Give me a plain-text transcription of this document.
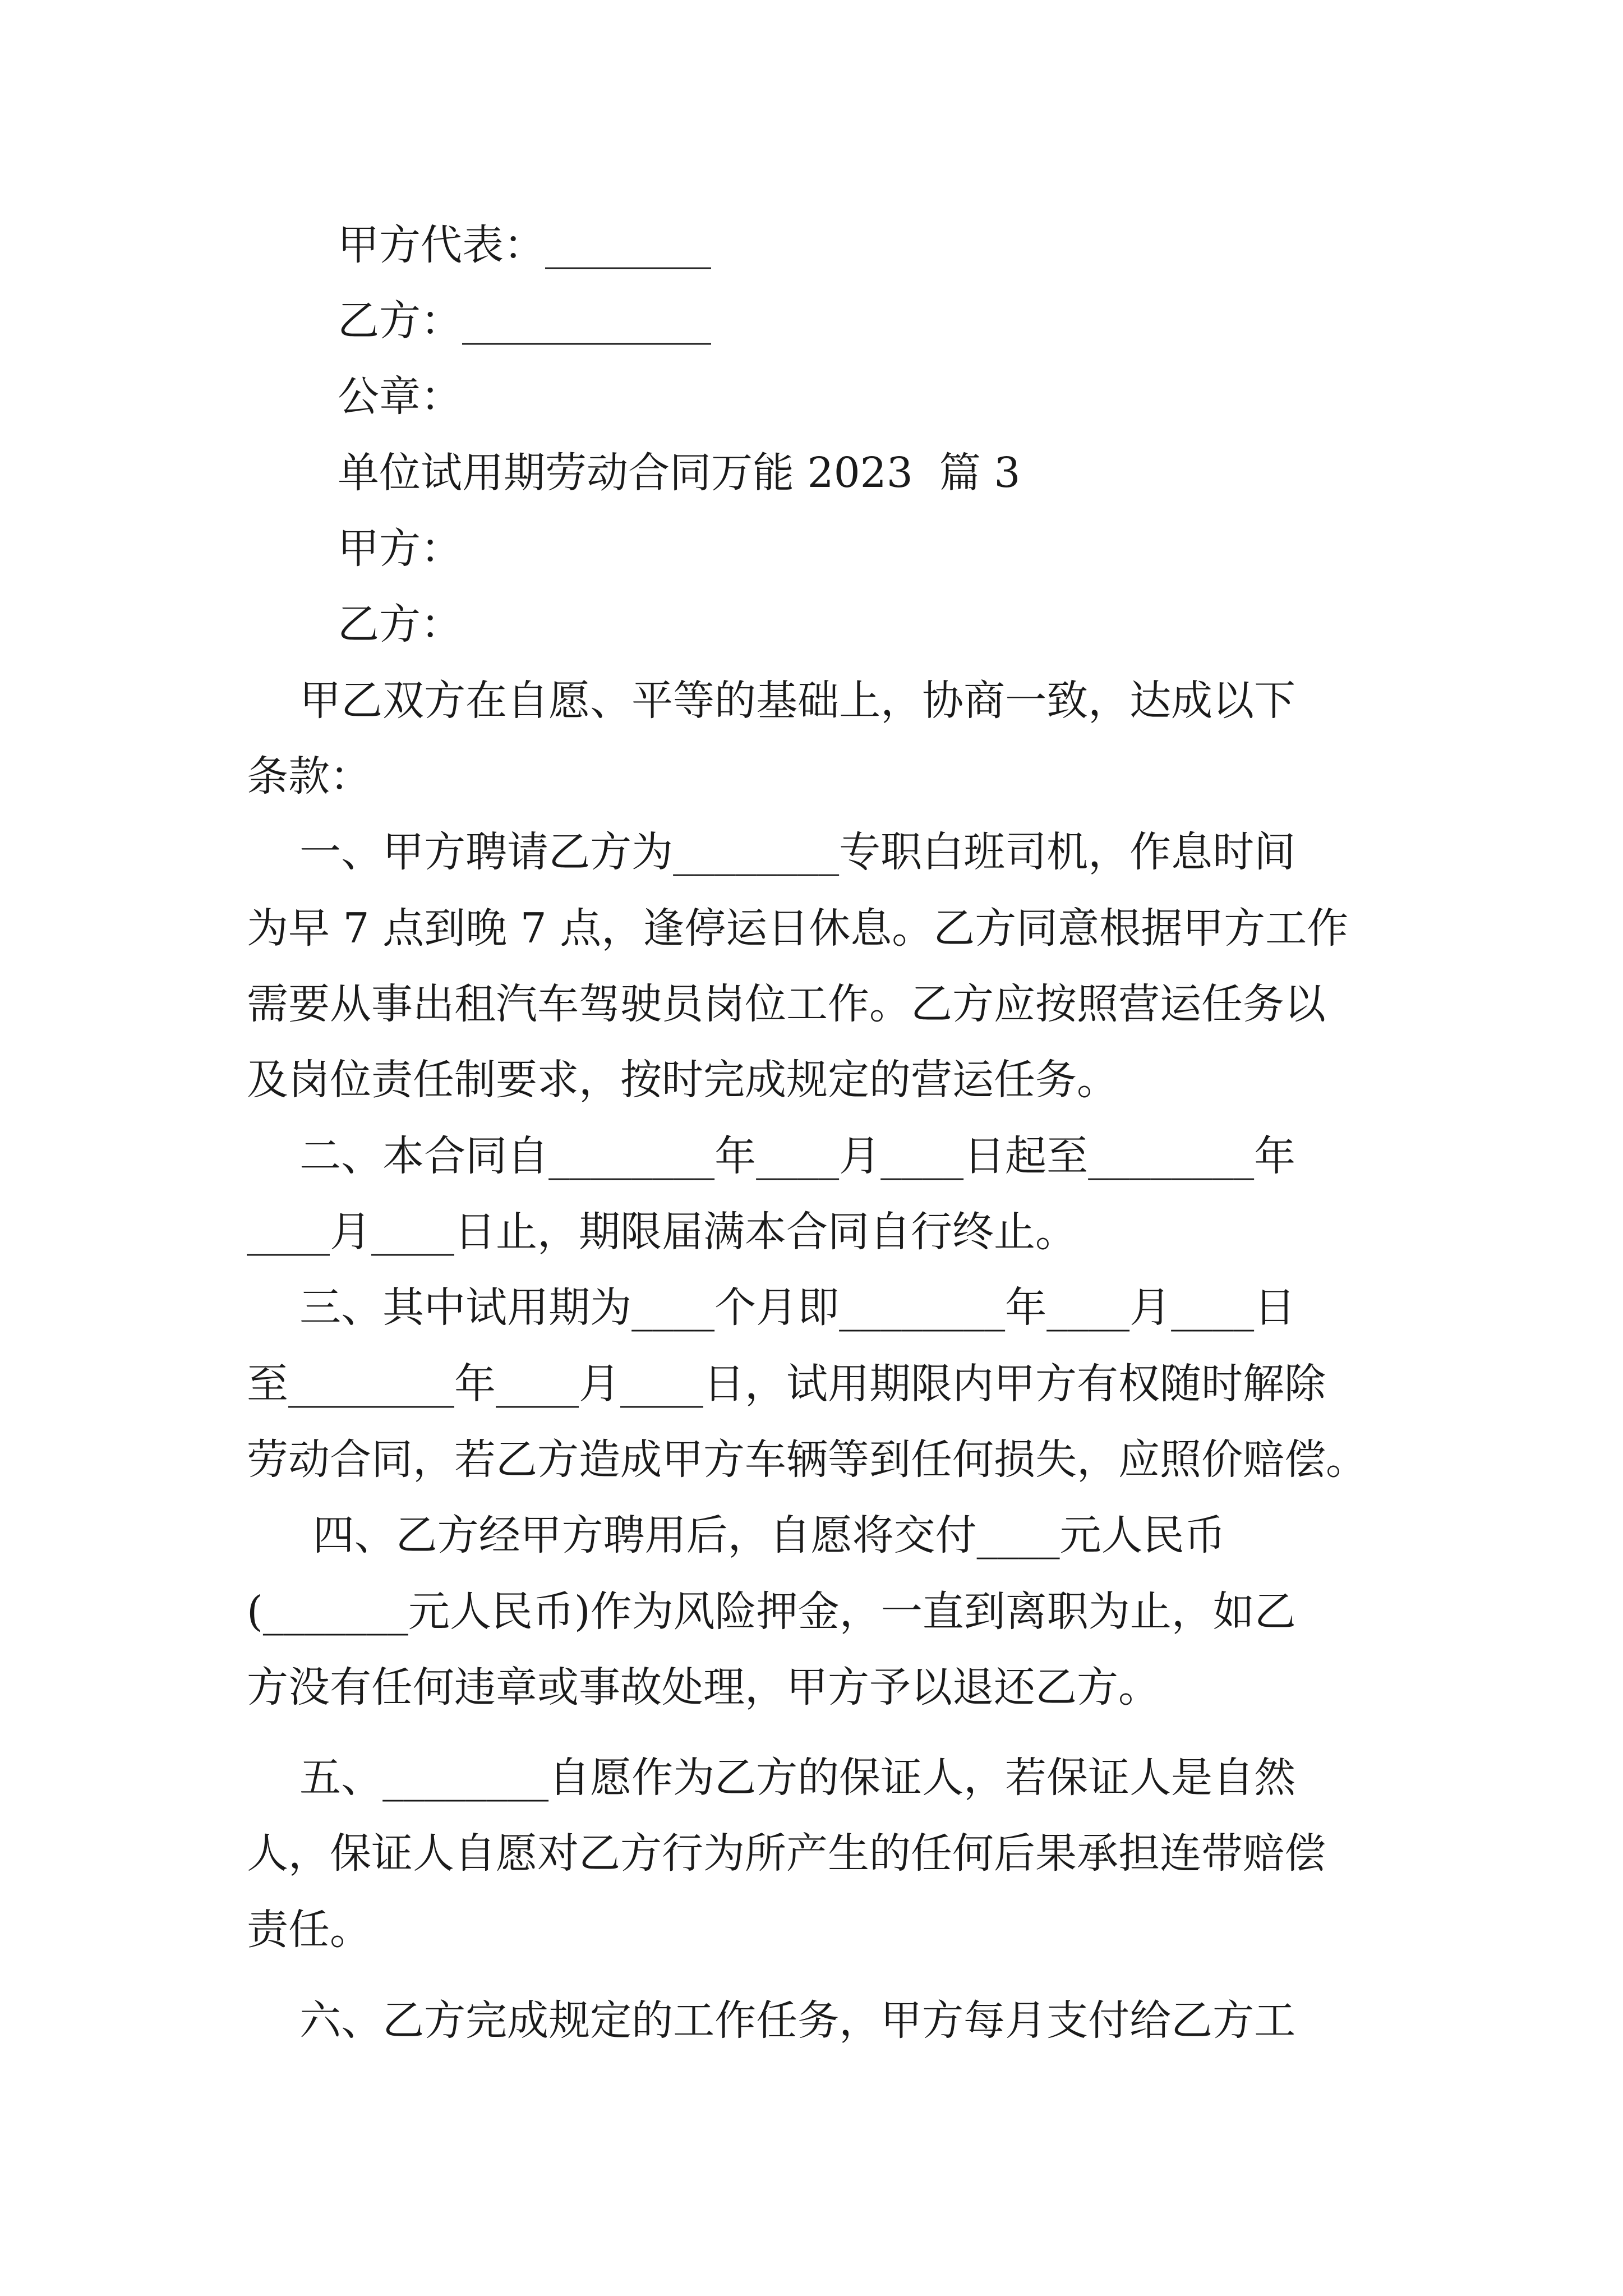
甲方代表：________
乙方：____________
公章：
单位试用期劳动合同万能 2023  篇 3
甲方：
乙方：
甲乙双方在自愿、平等的基础上，协商一致，达成以下
条款：
一、甲方聘请乙方为________专职白班司机，作息时间
为早 7 点到晚 7 点，逢停运日休息。乙方同意根据甲方工作
需要从事出租汽车驾驶员岗位工作。乙方应按照营运任务以
及岗位责任制要求，按时完成规定的营运任务。
二、本合同自________年____月____日起至________年
____月____日止，期限届满本合同自行终止。
三、其中试用期为____个月即________年____月____日
至________年____月____日，试用期限内甲方有权随时解除
劳动合同，若乙方造成甲方车辆等到任何损失，应照价赔偿。
四、乙方经甲方聘用后，自愿将交付____元人民币
(_______元人民币)作为风险押金，一直到离职为止，如乙
方没有任何违章或事故处理，甲方予以退还乙方。
五、________自愿作为乙方的保证人，若保证人是自然
人，保证人自愿对乙方行为所产生的任何后果承担连带赔偿
责任。
六、乙方完成规定的工作任务，甲方每月支付给乙方工
